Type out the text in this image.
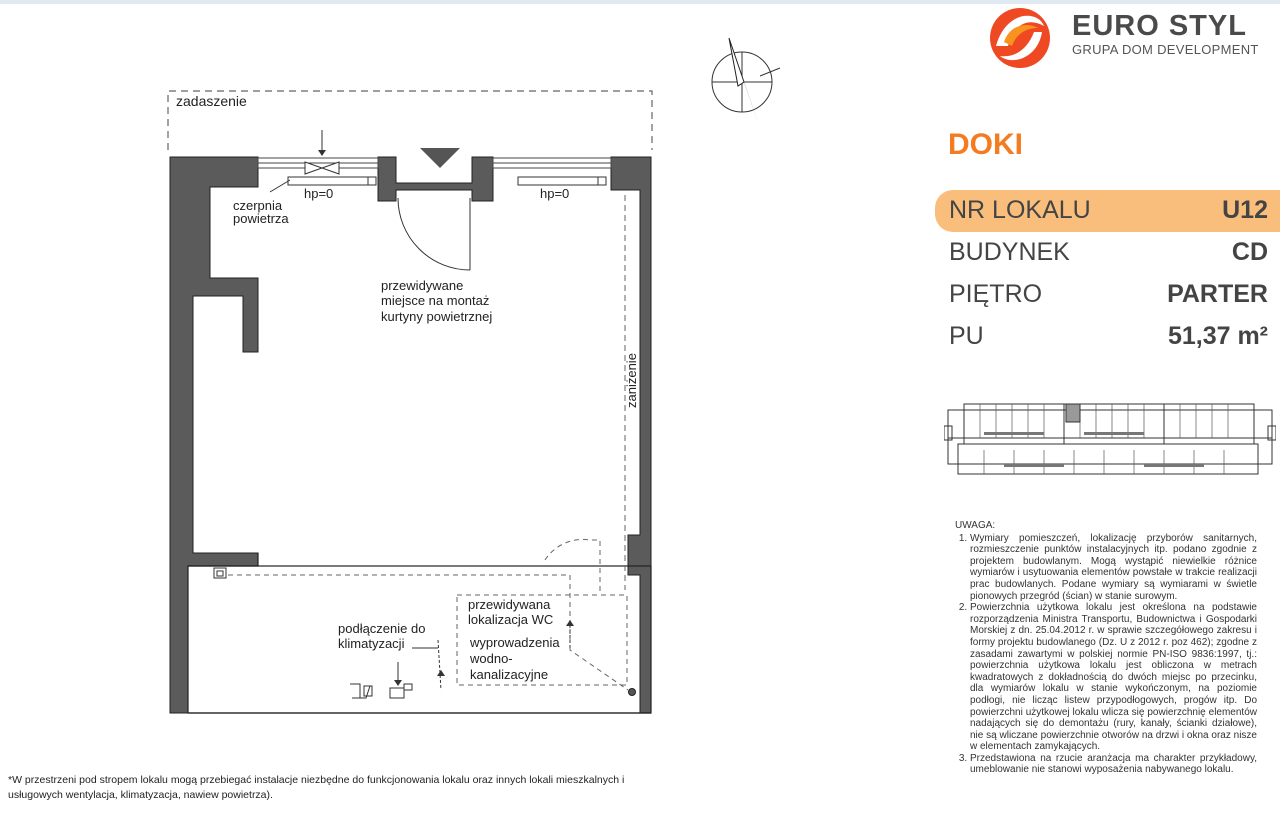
zadaszenie
hp=0
czerpnia
powietrza
hp=0
przewidywane
miejsce na montaż
kurtyny powietrznej
zaniżenie
przewidywana
lokalizacja WC
wyprowadzenia
wodno-
kanalizacyjne
podłączenie do
klimatyzacji
EURO STYL
GRUPA DOM DEVELOPMENT
DOKI
NR LOKALU	U12
BUDYNEK	CD
PIĘTRO	PARTER
PU	51,37 m²
UWAGA:
1. Wymiary pomieszczeń, lokalizację przyborów sanitarnych, rozmieszczenie punktów instalacyjnych itp. podano zgodnie z projektem budowlanym. Mogą wystąpić niewielkie różnice wymiarów i usytuowania elementów powstałe w trakcie realizacji prac budowlanych. Podane wymiary są wymiarami w świetle pionowych przegród (ścian) w stanie surowym.
2. Powierzchnia użytkowa lokalu jest określona na podstawie rozporządzenia Ministra Transportu, Budownictwa i Gospodarki Morskiej z dn. 25.04.2012 r. w sprawie szczegółowego zakresu i formy projektu budowlanego (Dz. U z 2012 r. poz 462); zgodne z zasadami zawartymi w polskiej normie PN-ISO 9836:1997, tj.: powierzchnia użytkowa lokalu jest obliczona w metrach kwadratowych z dokładnością do dwóch miejsc po przecinku, dla wymiarów lokalu w stanie wykończonym, na poziomie podłogi, nie licząc listew przypodłogowych, progów itp. Do powierzchni użytkowej lokalu wlicza się powierzchnię elementów nadających się do demontażu (rury, kanały, ścianki działowe), nie są wliczane powierzchnie otworów na drzwi i okna oraz nisze w elementach zamykających.
3. Przedstawiona na rzucie aranżacja ma charakter przykładowy, umeblowanie nie stanowi wyposażenia nabywanego lokalu.
*W przestrzeni pod stropem lokalu mogą przebiegać instalacje niezbędne do funkcjonowania lokalu oraz innych lokali mieszkalnych i usługowych wentylacja, klimatyzacja, nawiew powietrza).
